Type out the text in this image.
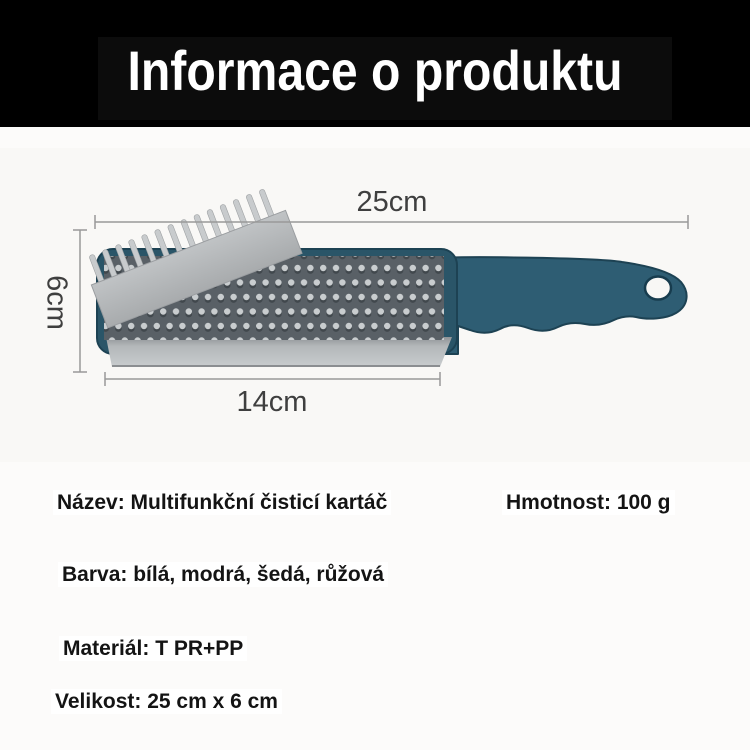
Informace o produktu
25cm
6cm
14cm
Název: Multifunkční čisticí kartáč	Hmotnost: 100 g
Barva: bílá, modrá, šedá, růžová
Materiál: T PR+PP
Velikost: 25 cm x 6 cm
